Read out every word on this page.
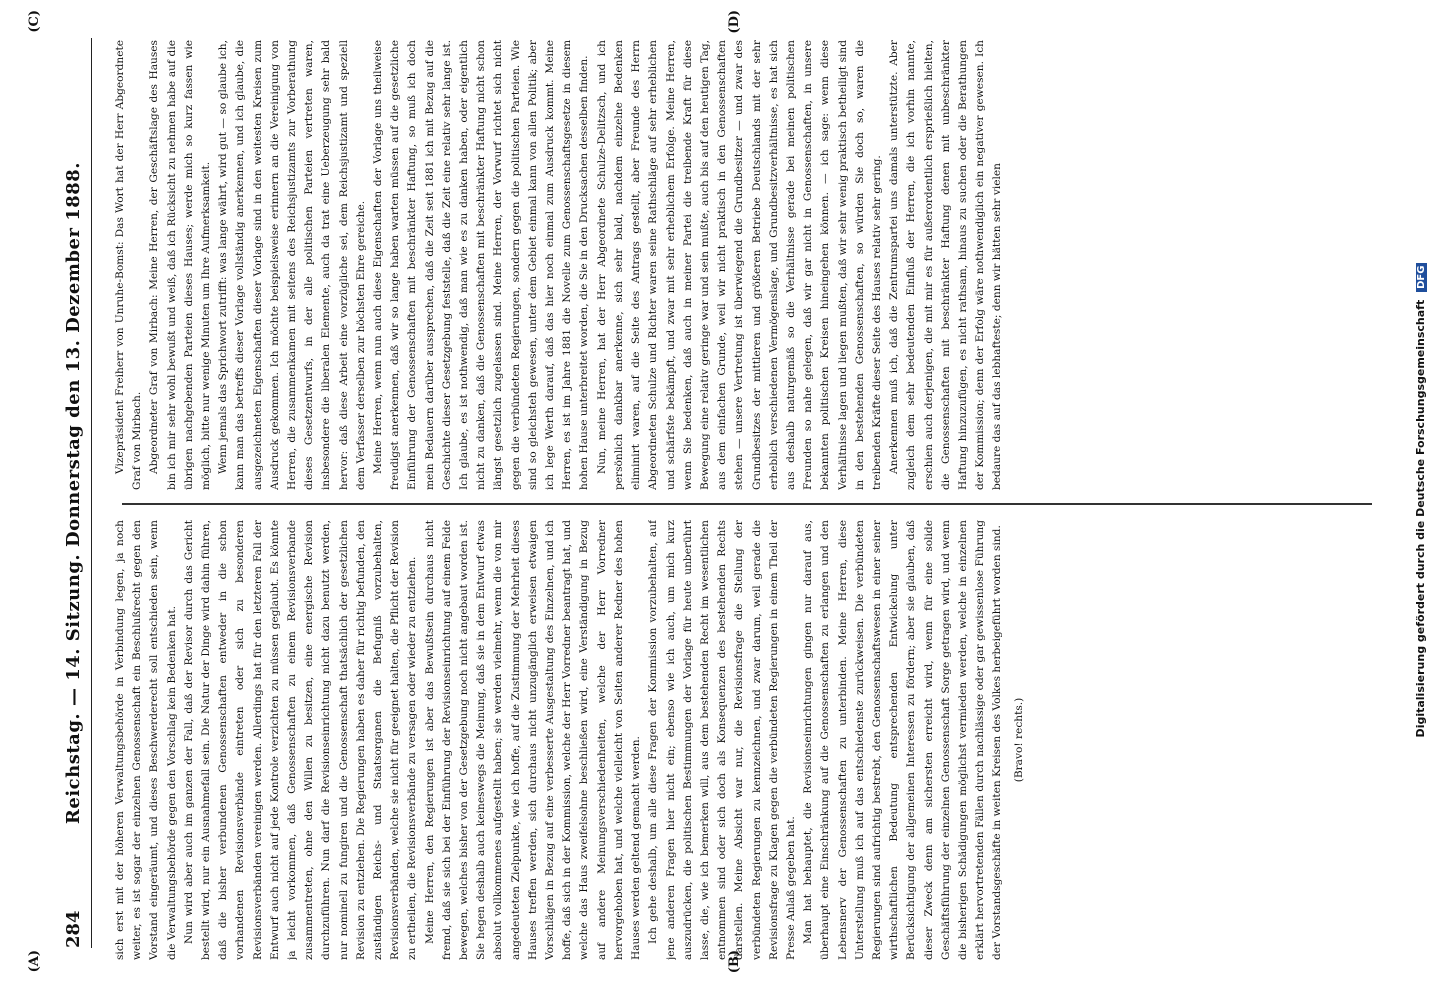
284
Reichstag. — 14. Sitzung. Donnerstag den 13. Dezember 1888.	sich erst mit der höheren Verwaltungsbehörde in Verbindung legen, ja noch weiter, es ist sogar der einzelnen Genossenschaft ein Beschlußrecht gegen den Vorstand eingeräumt, und dieses Beschwerderecht soll entschieden sein, wenn die Verwaltungsbehörde gegen den Vorschlag kein Bedenken hat. Nun wird aber auch im ganzen der Fall, daß der Revisor durch das Gericht bestellt wird, nur ein Ausnahmefall sein. Die Natur der Dinge wird dahin führen, daß die bisher verbundenen Genossenschaften entweder in die schon vorhandenen Revisionsverbände eintreten oder sich zu besonderen Revisionsverbänden vereinigen werden. Allerdings hat für den letzteren Fall der Entwurf auch nicht auf jede Kontrole verzichten zu müssen geglaubt. Es könnte ja leicht vorkommen, daß Genossenschaften zu einem Revisionsverbande zusammentreten, ohne den Willen zu besitzen, eine energische Revision durchzuführen. Nun darf die Revisionseinrichtung nicht dazu benutzt werden, nur nominell zu fungiren und die Genossenschaft thatsächlich der gesetzlichen Revision zu entziehen. Die Regierungen haben es daher für richtig befunden, den zuständigen Reichs- und Staatsorganen die Befugniß vorzubehalten, Revisionsverbänden, welche sie nicht für geeignet halten, die Pflicht der Revision zu ertheilen, die Revisionsverbände zu versagen oder wieder zu entziehen. Meine Herren, den Regierungen ist aber das Bewußtsein durchaus nicht fremd, daß sie sich bei der Einführung der Revisionseinrichtung auf einem Felde bewegen, welches bisher von der Gesetzgebung noch nicht angebaut worden ist. Sie hegen deshalb auch keineswegs die Meinung, daß sie in dem Entwurf etwas absolut vollkommenes aufgestellt haben; sie werden vielmehr, wenn die von mir angedeuteten Zielpunkte, wie ich hoffe, auf die Zustimmung der Mehrheit dieses Hauses treffen werden, sich durchaus nicht unzugänglich erweisen etwaigen Vorschlägen in Bezug auf eine verbesserte Ausgestaltung des Einzelnen, und ich hoffe, daß sich in der Kommission, welche der Herr Vorredner beantragt hat, und welche das Haus zweifelsohne beschließen wird, eine Verständigung in Bezug auf andere Meinungsverschiedenheiten, welche der Herr Vorredner hervorgehoben hat, und welche vielleicht von Seiten anderer Redner des hohen Hauses werden geltend gemacht werden. Ich gehe deshalb, um alle diese Fragen der Kommission vorzubehalten, auf jene anderen Fragen hier nicht ein; ebenso wie ich auch, um mich kurz auszudrücken, die politischen Bestimmungen der Vorlage für heute unberührt lasse, die, wie ich bemerken will, aus dem bestehenden Recht im wesentlichen entnommen sind oder sich doch als Konsequenzen des bestehenden Rechts darstellen. Meine Absicht war nur, die Revisionsfrage die Stellung der verbündeten Regierungen zu kennzeichnen, und zwar darum, weil gerade die Revisionsfrage zu Klagen gegen die verbündeten Regierungen in einem Theil der Presse Anlaß gegeben hat. Man hat behauptet, die Revisionseinrichtungen gingen nur darauf aus, überhaupt eine Einschränkung auf die Genossenschaften zu erlangen und den Lebensnerv der Genossenschaften zu unterbinden. Meine Herren, diese Unterstellung muß ich auf das entschiedenste zurückweisen. Die verbündeten Regierungen sind aufrichtig bestrebt, den Genossenschaftswesen in einer seiner wirthschaftlichen Bedeutung entsprechenden Entwickelung unter Berücksichtigung der allgemeinen Interessen zu fördern; aber sie glauben, daß dieser Zweck denn am sichersten erreicht wird, wenn für eine solide Geschäftsführung der einzelnen Genossenschaft Sorge getragen wird, und wenn die bisherigen Schädigungen möglichst vermieden werden, welche in einzelnen erklärt hervortretenden Fällen durch nachlässige oder gar gewissenlose Führung der Vorstandsgeschäfte in weiten Kreisen des Volkes herbeigeführt worden sind. (Bravo! rechts.)

Vizepräsident Freiherr von Unruhe-Bomst: Das Wort hat der Herr Abgeordnete Graf von Mirbach. Abgeordneter Graf von Mirbach: Meine Herren, der Geschäftslage des Hauses bin ich mir sehr wohl bewußt und weiß, daß ich Rücksicht zu nehmen habe auf die übrigen nachgebenden Parteien dieses Hauses; werde mich so kurz fassen wie möglich, bitte nur wenige Minuten um Ihre Aufmerksamkeit. Wenn jemals das Sprichwort zutrifft: was lange währt, wird gut — so glaube ich, kann man das betreffs dieser Vorlage vollständig anerkennen, und ich glaube, die ausgezeichneten Eigenschaften dieser Vorlage sind in den weitesten Kreisen zum Ausdruck gekommen. Ich möchte beispielsweise erinnern an die Vereinigung von Herren, die zusammenkamen mit seitens des Reichsjustizamts zur Vorberathung dieses Gesetzentwurfs, in der alle politischen Parteien vertreten waren, insbesondere die liberalen Elemente, auch da trat eine Ueberzeugung sehr bald hervor: daß diese Arbeit eine vorzügliche sei, dem Reichsjustizamt und speziell dem Verfasser derselben zur höchsten Ehre gereiche. Meine Herren, wenn nun auch diese Eigenschaften der Vorlage uns theilweise freudigst anerkennen, daß wir so lange haben warten müssen auf die gesetzliche Einführung der Genossenschaften mit beschränkter Haftung, so muß ich doch mein Bedauern darüber aussprechen, daß die Zeit seit 1881 ich mit Bezug auf die Geschichte dieser Gesetzgebung feststelle, daß die Zeit eine relativ sehr lange ist. Ich glaube, es ist nothwendig, daß man wie es zu danken haben, oder eigentlich nicht zu danken, daß die Genossenschaften mit beschränkter Haftung nicht schon längst gesetzlich zugelassen sind. Meine Herren, der Vorwurf richtet sich nicht gegen die verbündeten Regierungen, sondern gegen die politischen Parteien. Wie sind so gleichsteh gewesen, unter dem Gebiet einmal kann von allen Politik; aber ich lege Werth darauf, daß das hier noch einmal zum Ausdruck kommt. Meine Herren, es ist im Jahre 1881 die Novelle zum Genossenschaftsgesetze in diesem hohen Hause unterbreitet worden, die Sie in den Drucksachen desselben finden. Nun, meine Herren, hat der Herr Abgeordnete Schulze-Delitzsch, und ich persönlich dankbar anerkenne, sich sehr bald, nachdem einzelne Bedenken eliminirt waren, auf die Seite des Antrags gestellt, aber Freunde des Herrn Abgeordneten Schulze und Richter waren seine Rathschläge auf sehr erheblichen und schärfste bekämpft, und zwar mit sehr erheblichem Erfolge. Meine Herren, wenn Sie bedenken, daß auch in meiner Partei die treibende Kraft für diese Bewegung eine relativ geringe war und sein mußte, auch bis auf den heutigen Tag, aus dem einfachen Grunde, weil wir nicht praktisch in den Genossenschaften stehen — unsere Vertretung ist überwiegend die Grundbesitzer — und zwar des Grundbesitzes der mittleren und größeren Betriebe Deutschlands mit der sehr erheblich verschiedenen Vermögenslage, und Grundbesitzverhältnisse, es hat sich aus deshalb naturgemäß so die Verhältnisse gerade bei meinen politischen Freunden so nahe gelegen, daß wir gar nicht in Genossenschaften, in unsere bekannten politischen Kreisen hineingehen können. — ich sage: wenn diese Verhältnisse lagen und liegen mußten, daß wir sehr wenig praktisch betheiligt sind in den bestehenden Genossenschaften, so würden Sie doch so, waren die treibenden Kräfte dieser Seite des Hauses relativ sehr gering. Anerkennen muß ich, daß die Zentrumspartei uns damals unterstützte. Aber zugleich dem sehr bedeutenden Einfluß der Herren, die ich vorhin nannte, erschien auch derjenigen, die mit mir es für außerordentlich ersprießlich hielten, die Genossenschaften mit beschränkter Haftung denen mit unbeschränkter Haftung hinzuzufügen, es nicht rathsam, hinaus zu suchen oder die Berathungen der Kommission; denn der Erfolg wäre nothwendiglich ein negativer gewesen. Ich bedaure das auf das lebhafteste; denn wir hätten sehr vielen

(A)	(B)
(C)	(D)
Digitalisierung gefördert durch die Deutsche Forschungsgemeinschaft DFG
